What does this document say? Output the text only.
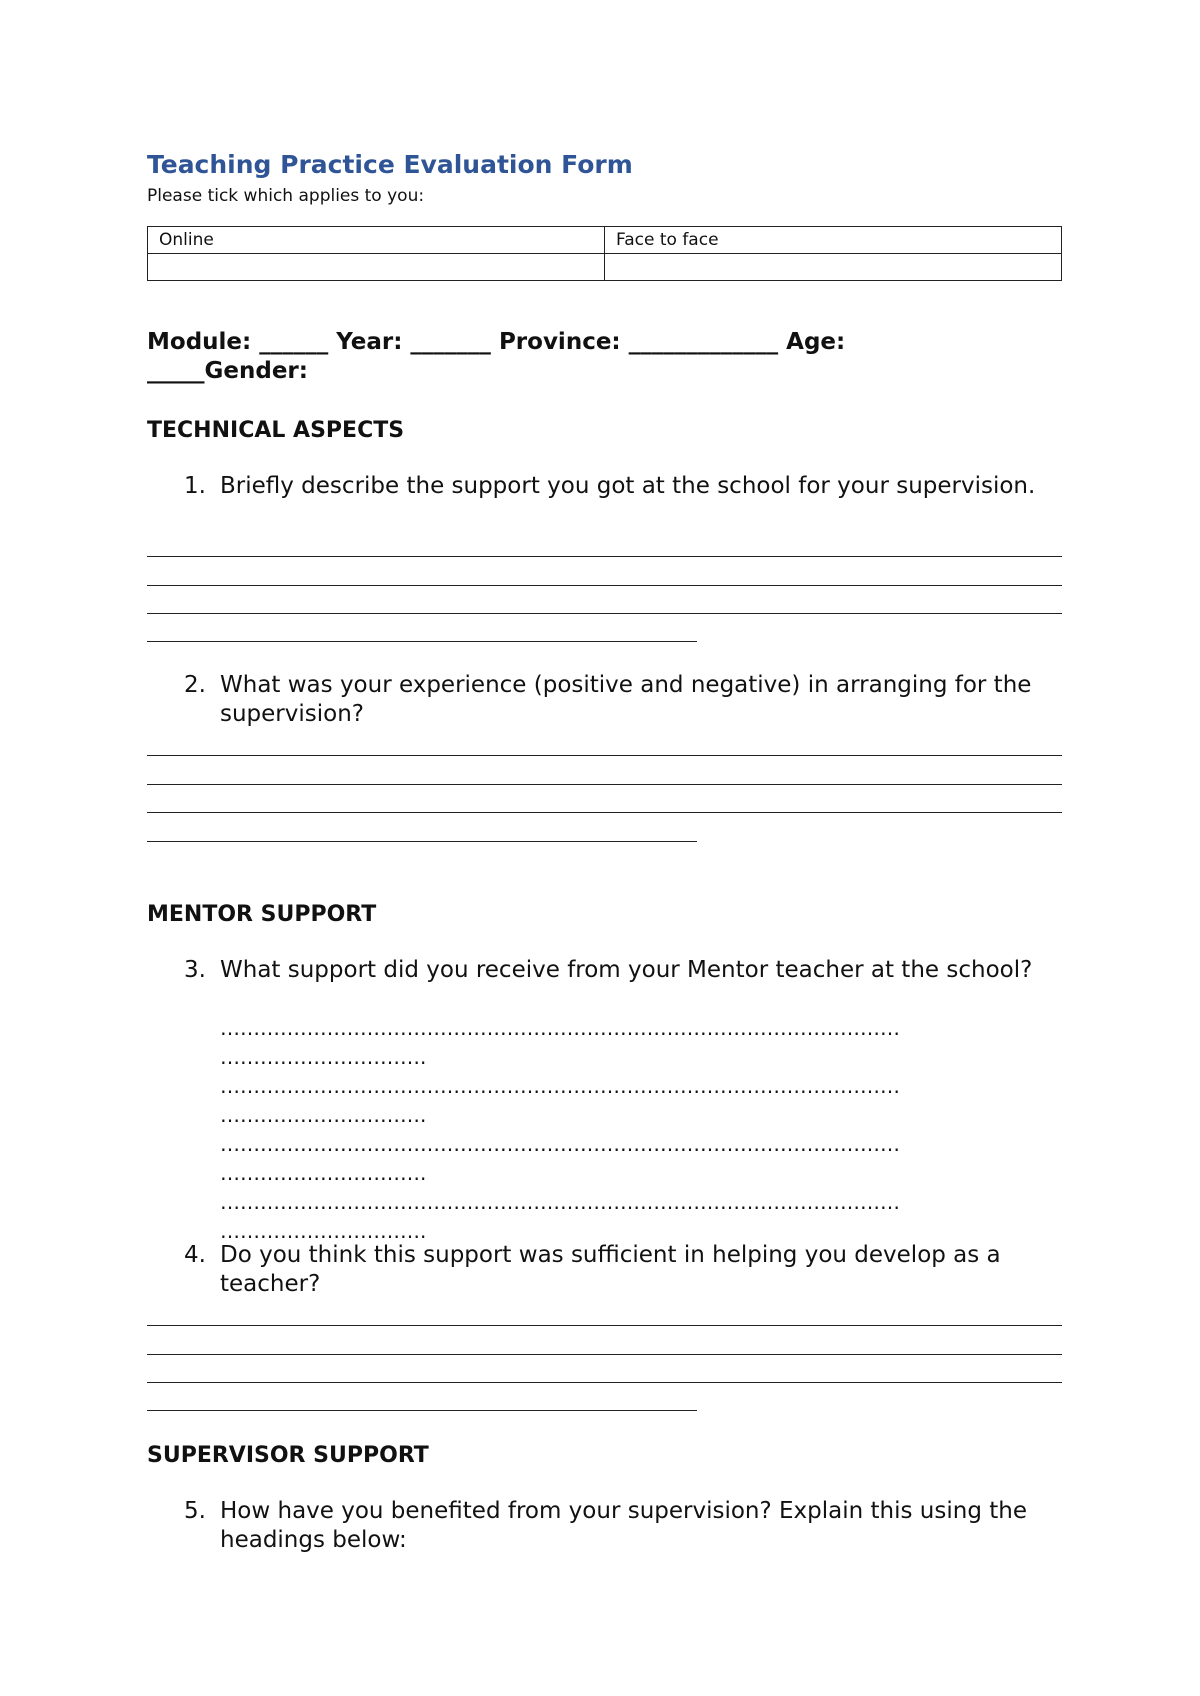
Teaching Practice Evaluation Form
Please tick which applies to you:
Online	Face to face

Module: ______ Year: _______ Province: _____________ Age:
_____Gender:
TECHNICAL ASPECTS
1. Briefly describe the support you got at the school for your supervision.
2. What was your experience (positive and negative) in arranging for the supervision?
MENTOR SUPPORT
3. What support did you receive from your Mentor teacher at the school?
…………………………………………………………………………………………
………………………….
…………………………………………………………………………………………
………………………….
…………………………………………………………………………………………
………………………….
…………………………………………………………………………………………
………………………….
4. Do you think this support was sufficient in helping you develop as a teacher?
SUPERVISOR SUPPORT
5. How have you benefited from your supervision? Explain this using the headings below:
